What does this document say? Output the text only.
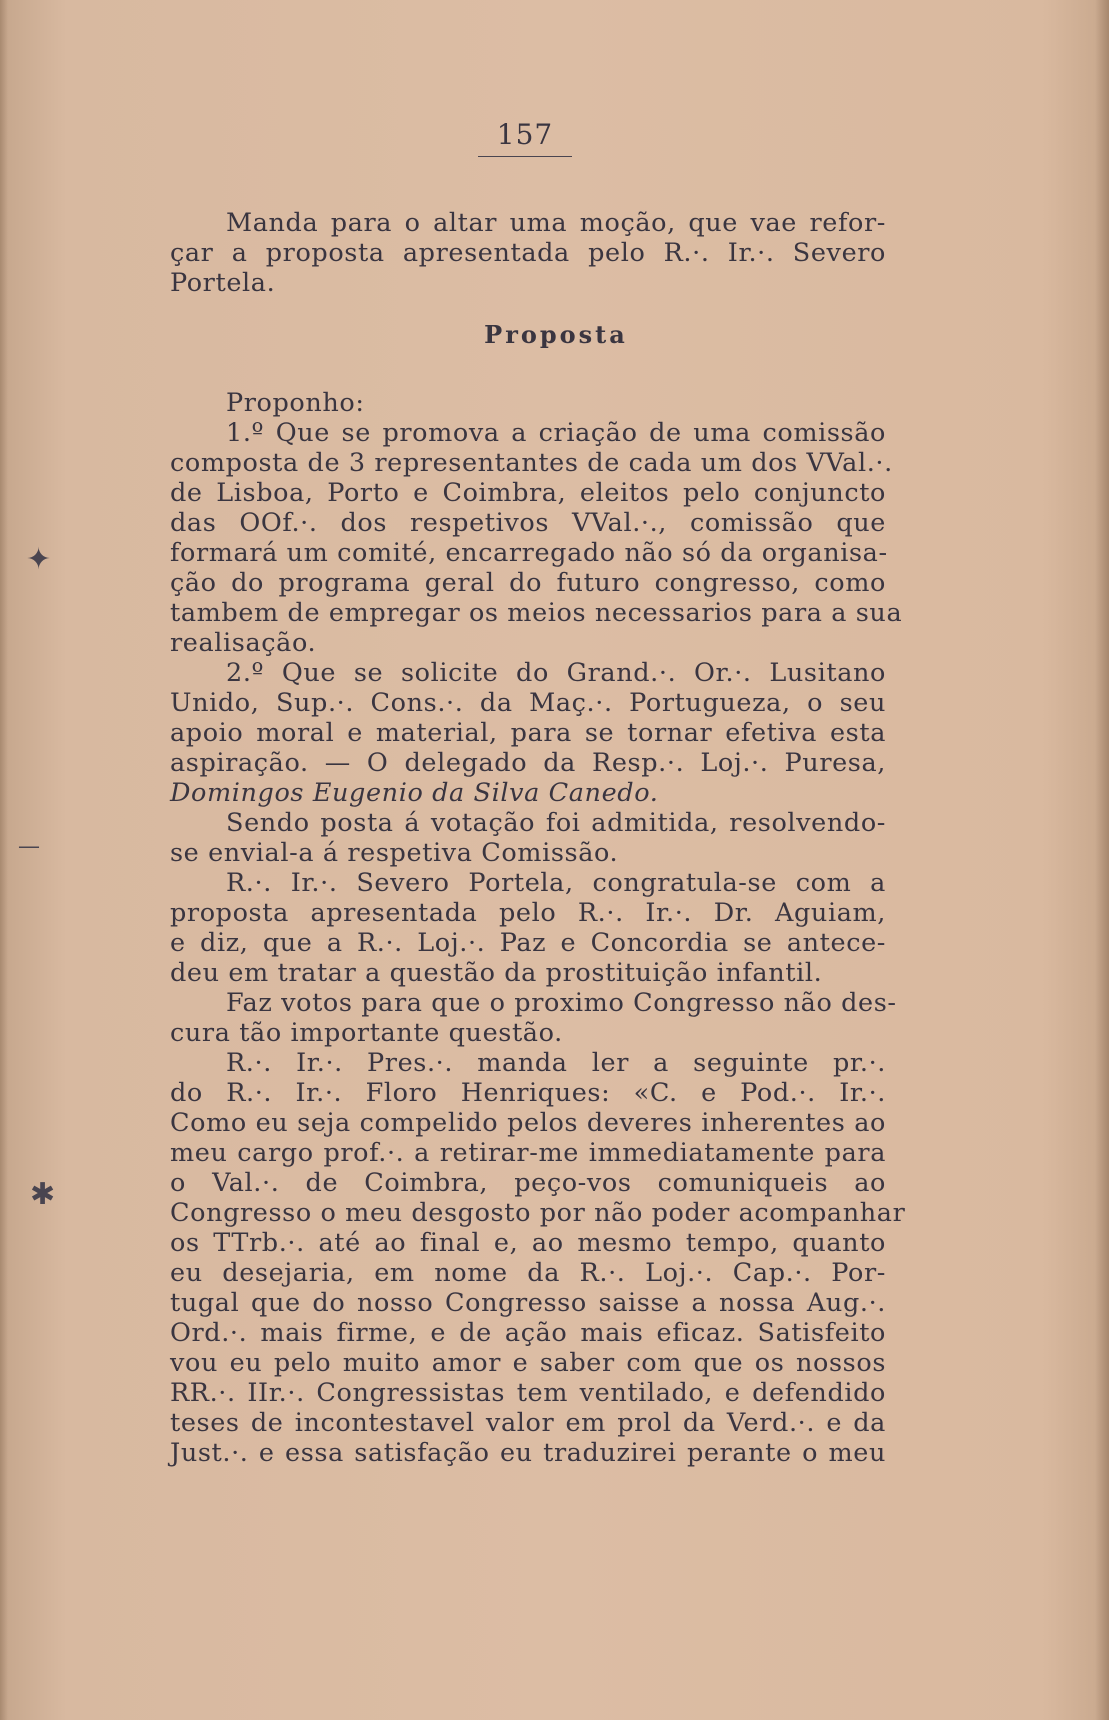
157
✦
—
✱
Manda para o altar uma moção, que vae refor-
çar a proposta apresentada pelo R.·. Ir.·. Severo
Portela.
Proposta
Proponho:
1.º Que se promova a criação de uma comissão
composta de 3 representantes de cada um dos VVal.·.
de Lisboa, Porto e Coimbra, eleitos pelo conjuncto
das OOf.·. dos respetivos VVal.·., comissão que
formará um comité, encarregado não só da organisa-
ção do programa geral do futuro congresso, como
tambem de empregar os meios necessarios para a sua
realisação.
2.º Que se solicite do Grand.·. Or.·. Lusitano
Unido, Sup.·. Cons.·. da Maç.·. Portugueza, o seu
apoio moral e material, para se tornar efetiva esta
aspiração. — O delegado da Resp.·. Loj.·. Puresa,
Domingos Eugenio da Silva Canedo.
Sendo posta á votação foi admitida, resolvendo-
se envial-a á respetiva Comissão.
R.·. Ir.·. Severo Portela, congratula-se com a
proposta apresentada pelo R.·. Ir.·. Dr. Aguiam,
e diz, que a R.·. Loj.·. Paz e Concordia se antece-
deu em tratar a questão da prostituição infantil.
Faz votos para que o proximo Congresso não des-
cura tão importante questão.
R.·. Ir.·. Pres.·. manda ler a seguinte pr.·.
do R.·. Ir.·. Floro Henriques: «C. e Pod.·. Ir.·.
Como eu seja compelido pelos deveres inherentes ao
meu cargo prof.·. a retirar-me immediatamente para
o Val.·. de Coimbra, peço-vos comuniqueis ao
Congresso o meu desgosto por não poder acompanhar
os TTrb.·. até ao final e, ao mesmo tempo, quanto
eu desejaria, em nome da R.·. Loj.·. Cap.·. Por-
tugal que do nosso Congresso saisse a nossa Aug.·.
Ord.·. mais firme, e de ação mais eficaz. Satisfeito
vou eu pelo muito amor e saber com que os nossos
RR.·. IIr.·. Congressistas tem ventilado, e defendido
teses de incontestavel valor em prol da Verd.·. e da
Just.·. e essa satisfação eu traduzirei perante o meu
